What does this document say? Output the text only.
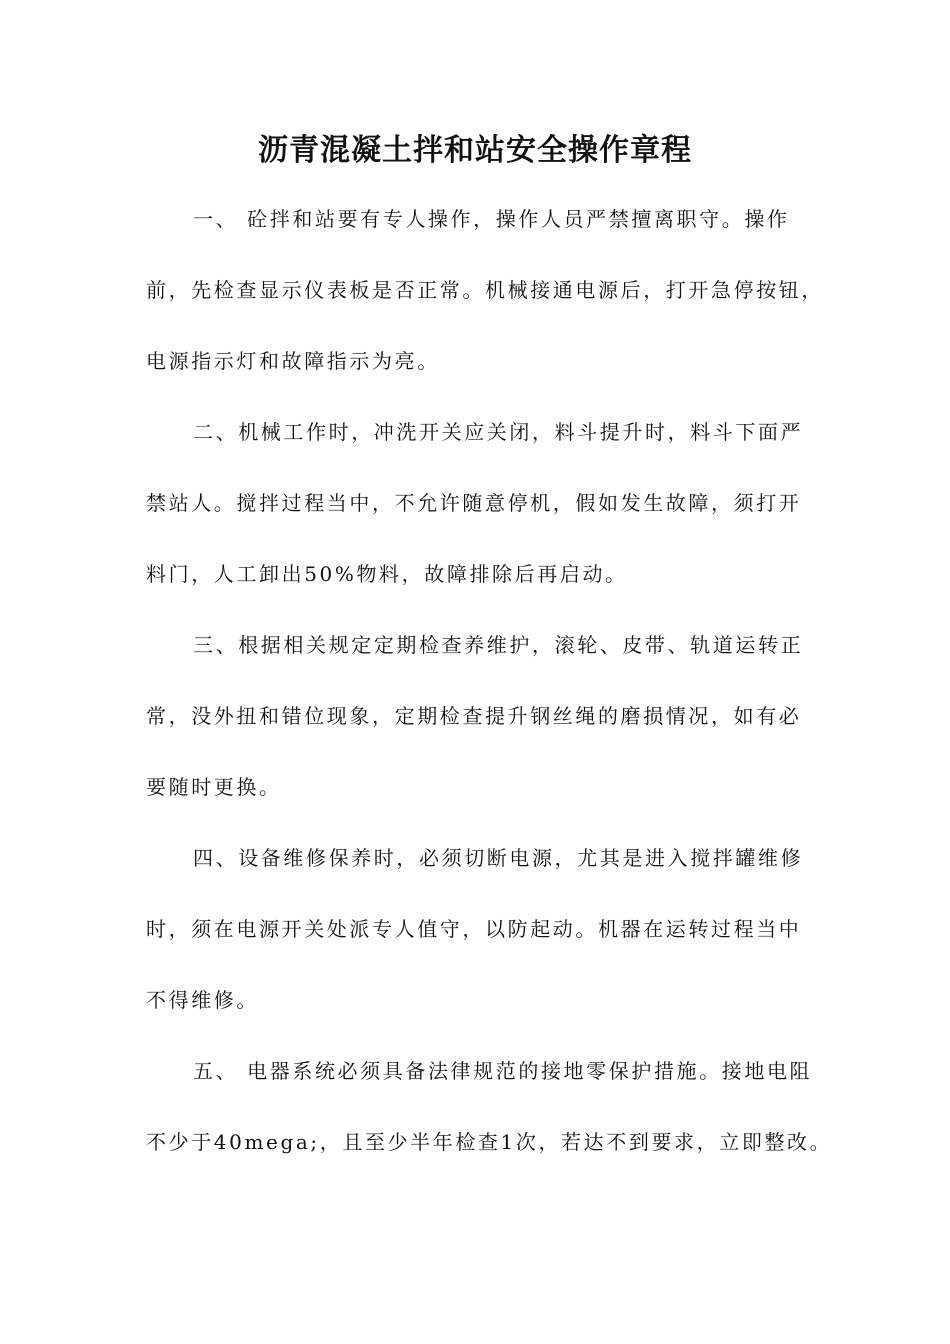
沥青混凝土拌和站安全操作章程

一、 砼拌和站要有专人操作，操作人员严禁擅离职守。操作
前，先检查显示仪表板是否正常。机械接通电源后，打开急停按钮，
电源指示灯和故障指示为亮。

二、机械工作时，冲洗开关应关闭，料斗提升时，料斗下面严
禁站人。搅拌过程当中，不允许随意停机，假如发生故障，须打开
料门，人工卸出50%物料，故障排除后再启动。

三、根据相关规定定期检查养维护，滚轮、皮带、轨道运转正
常，没外扭和错位现象，定期检查提升钢丝绳的磨损情况，如有必
要随时更换。

四、设备维修保养时，必须切断电源，尤其是进入搅拌罐维修
时，须在电源开关处派专人值守，以防起动。机器在运转过程当中
不得维修。

五、 电器系统必须具备法律规范的接地零保护措施。接地电阻
不少于40mega;，且至少半年检查1次，若达不到要求，立即整改。
